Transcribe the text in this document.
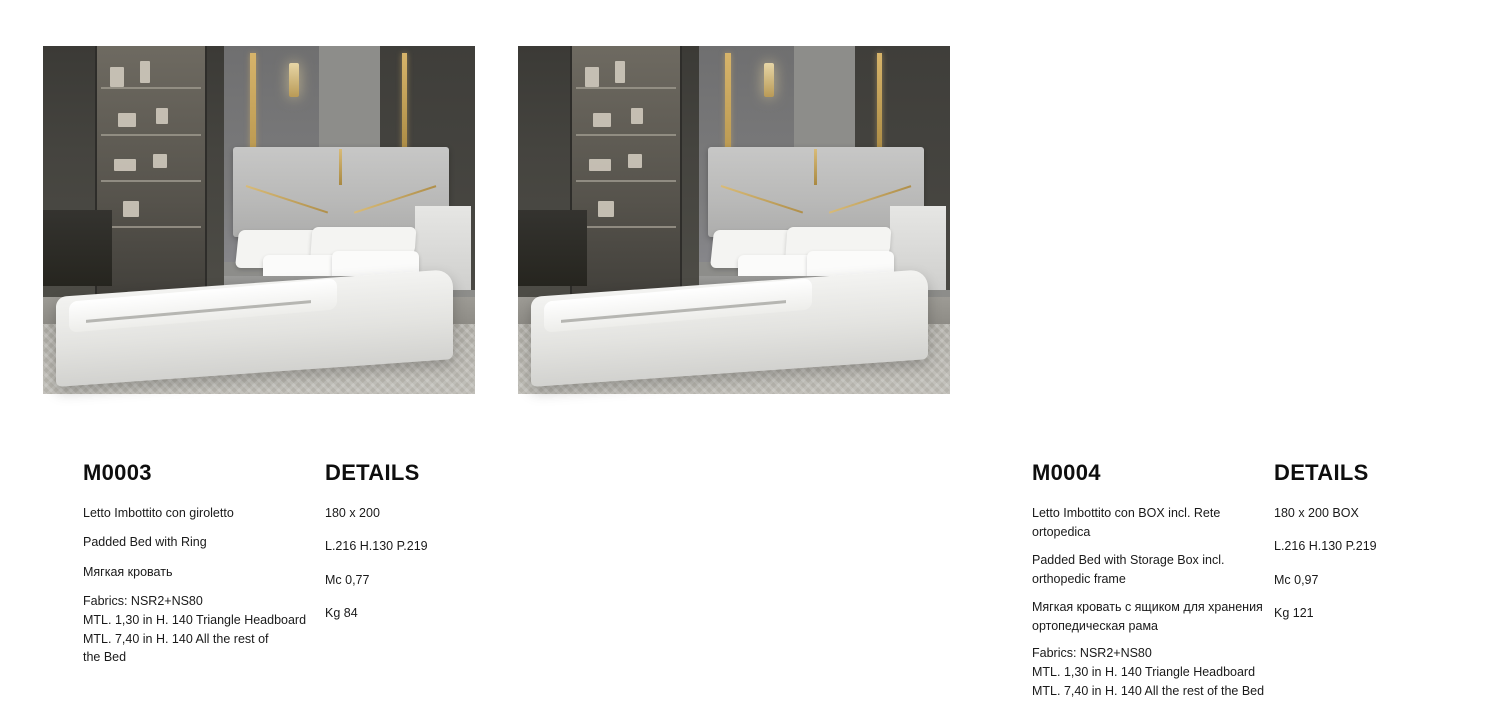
M0003

Letto Imbottito con giroletto

Padded Bed with Ring

Мягкая кровать

Fabrics: NSR2+NS80

MTL. 1,30 in H. 140 Triangle Headboard

MTL. 7,40 in H. 140 All the rest of

the Bed

DETAILS

180 x 200

L.216 H.130 P.219

Mc 0,77

Kg 84

M0004

Letto Imbottito con BOX incl. Rete ortopedica

Padded Bed with Storage Box incl. orthopedic frame

Мягкая кровать с ящиком для хранения ортопедическая рама

Fabrics: NSR2+NS80

MTL. 1,30 in H. 140 Triangle Headboard

MTL. 7,40 in H. 140 All the rest of the Bed

DETAILS

180 x 200 BOX

L.216 H.130 P.219

Mc 0,97

Kg 121
